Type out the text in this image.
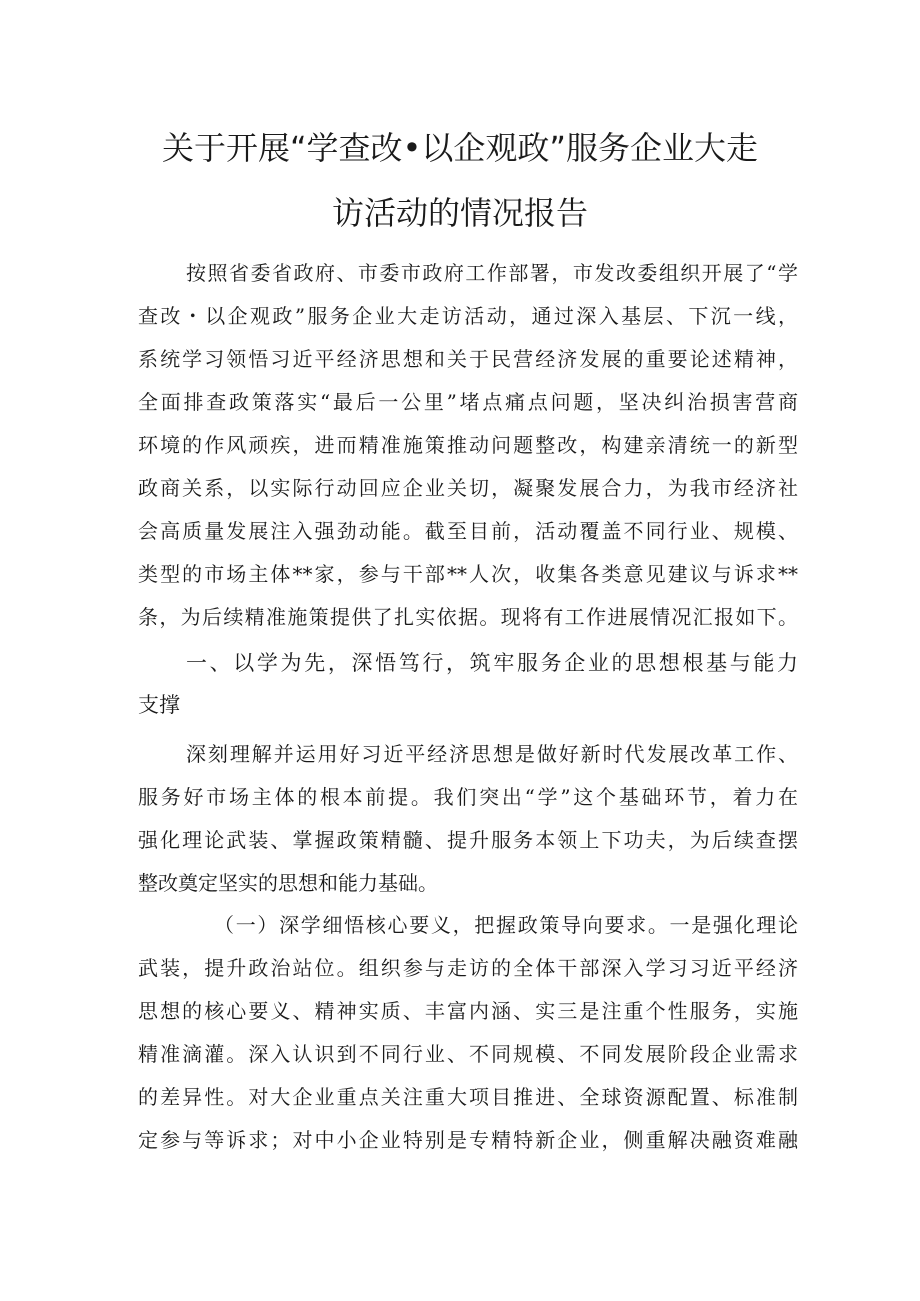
关于开展“学查改•以企观政”服务企业大走
访活动的情况报告
按照省委省政府、市委市政府工作部署，市发改委组织开展了“学
查改・以企观政”服务企业大走访活动，通过深入基层、下沉一线，
系统学习领悟习近平经济思想和关于民营经济发展的重要论述精神，
全面排查政策落实“最后一公里”堵点痛点问题，坚决纠治损害营商
环境的作风顽疾，进而精准施策推动问题整改，构建亲清统一的新型
政商关系，以实际行动回应企业关切，凝聚发展合力，为我市经济社
会高质量发展注入强劲动能。截至目前，活动覆盖不同行业、规模、
类型的市场主体**家，参与干部**人次，收集各类意见建议与诉求**
条，为后续精准施策提供了扎实依据。现将有工作进展情况汇报如下。
一、以学为先，深悟笃行，筑牢服务企业的思想根基与能力
支撑
深刻理解并运用好习近平经济思想是做好新时代发展改革工作、
服务好市场主体的根本前提。我们突出“学”这个基础环节，着力在
强化理论武装、掌握政策精髓、提升服务本领上下功夫，为后续查摆
整改奠定坚实的思想和能力基础。
（一）深学细悟核心要义，把握政策导向要求。一是强化理论
武装，提升政治站位。组织参与走访的全体干部深入学习习近平经济
思想的核心要义、精神实质、丰富内涵、实三是注重个性服务，实施
精准滴灌。深入认识到不同行业、不同规模、不同发展阶段企业需求
的差异性。对大企业重点关注重大项目推进、全球资源配置、标准制
定参与等诉求；对中小企业特别是专精特新企业，侧重解决融资难融
